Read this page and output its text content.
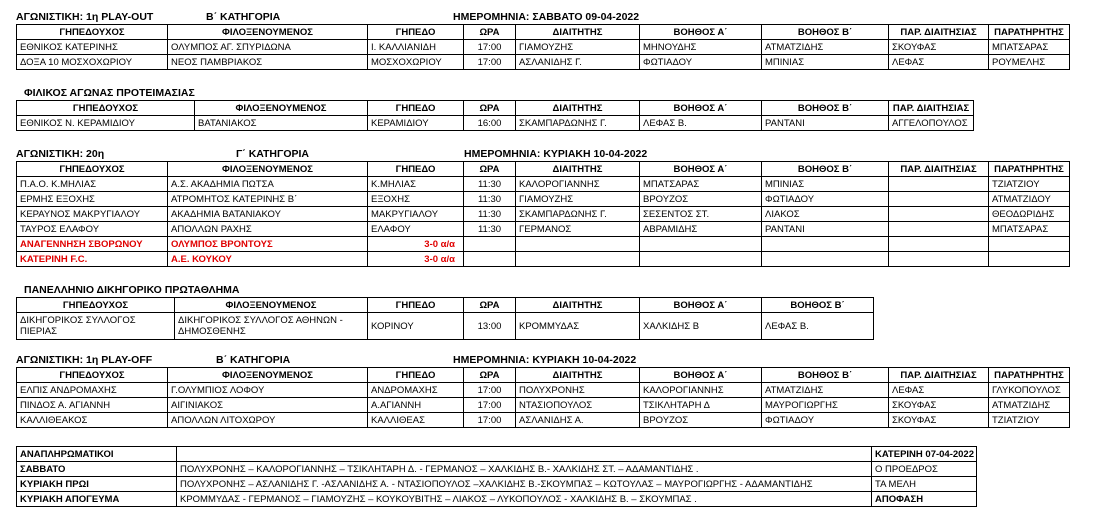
ΑΓΩΝΙΣΤΙΚΗ: 1η PLAY-OUT	Β΄ ΚΑΤΗΓΟΡΙΑ	ΗΜΕΡΟΜΗΝΙΑ: ΣΑΒΒΑΤΟ 09-04-2022
ΓΗΠΕΔΟΥΧΟΣ	ΦΙΛΟΞΕΝΟΥΜΕΝΟΣ	ΓΗΠΕΔΟ	ΩΡΑ	ΔΙΑΙΤΗΤΗΣ	ΒΟΗΘΟΣ Α΄	ΒΟΗΘΟΣ Β΄	ΠΑΡ. ΔΙΑΙΤΗΣΙΑΣ	ΠΑΡΑΤΗΡΗΤΗΣ
ΕΘΝΙΚΟΣ ΚΑΤΕΡΙΝΗΣ	ΟΛΥΜΠΟΣ ΑΓ. ΣΠΥΡΙΔΩΝΑ	Ι. ΚΑΛΛΙΑΝΙΔΗ	17:00	ΓΙΑΜΟΥΖΗΣ	ΜΗΝΟΥΔΗΣ	ΑΤΜΑΤΖΙΔΗΣ	ΣΚΟΥΦΑΣ	ΜΠΑΤΣΑΡΑΣ
ΔΟΞΑ 10 ΜΟΣΧΟΧΩΡΙΟΥ	ΝΕΟΣ ΠΑΜΒΡΙΑΚΟΣ	ΜΟΣΧΟΧΩΡΙΟΥ	17:00	ΑΣΛΑΝΙΔΗΣ Γ.	ΦΩΤΙΑΔΟΥ	ΜΠΙΝΙΑΣ	ΛΕΦΑΣ	ΡΟΥΜΕΛΗΣ
ΦΙΛΙΚΟΣ ΑΓΩΝΑΣ ΠΡΟΤΕΙΜΑΣΙΑΣ
ΓΗΠΕΔΟΥΧΟΣ	ΦΙΛΟΞΕΝΟΥΜΕΝΟΣ	ΓΗΠΕΔΟ	ΩΡΑ	ΔΙΑΙΤΗΤΗΣ	ΒΟΗΘΟΣ Α΄	ΒΟΗΘΟΣ Β΄	ΠΑΡ. ΔΙΑΙΤΗΣΙΑΣ
ΕΘΝΙΚΟΣ Ν. ΚΕΡΑΜΙΔΙΟΥ	ΒΑΤΑΝΙΑΚΟΣ	ΚΕΡΑΜΙΔΙΟΥ	16:00	ΣΚΑΜΠΑΡΔΩΝΗΣ Γ.	ΛΕΦΑΣ Β.	ΡΑΝΤΑΝΙ	ΑΓΓΕΛΟΠΟΥΛΟΣ
ΑΓΩΝΙΣΤΙΚΗ: 20η	Γ΄ ΚΑΤΗΓΟΡΙΑ	ΗΜΕΡΟΜΗΝΙΑ: ΚΥΡΙΑΚΗ 10-04-2022
ΓΗΠΕΔΟΥΧΟΣ	ΦΙΛΟΞΕΝΟΥΜΕΝΟΣ	ΓΗΠΕΔΟ	ΩΡΑ	ΔΙΑΙΤΗΤΗΣ	ΒΟΗΘΟΣ Α΄	ΒΟΗΘΟΣ Β΄	ΠΑΡ. ΔΙΑΙΤΗΣΙΑΣ	ΠΑΡΑΤΗΡΗΤΗΣ
Π.Α.Ο. Κ.ΜΗΛΙΑΣ	Α.Σ. ΑΚΑΔΗΜΙΑ ΠΩΤΣΑ	Κ.ΜΗΛΙΑΣ	11:30	ΚΑΛΟΡΟΓΙΑΝΝΗΣ	ΜΠΑΤΣΑΡΑΣ	ΜΠΙΝΙΑΣ		ΤΖΙΑΤΖΙΟΥ
ΕΡΜΗΣ ΕΞΟΧΗΣ	ΑΤΡΟΜΗΤΟΣ ΚΑΤΕΡΙΝΗΣ Β΄	ΕΞΟΧΗΣ	11:30	ΓΙΑΜΟΥΖΗΣ	ΒΡΟΥΖΟΣ	ΦΩΤΙΑΔΟΥ		ΑΤΜΑΤΖΙΔΟΥ
ΚΕΡΑΥΝΟΣ ΜΑΚΡΥΓΙΑΛΟΥ	ΑΚΑΔΗΜΙΑ ΒΑΤΑΝΙΑΚΟΥ	ΜΑΚΡΥΓΙΑΛΟΥ	11:30	ΣΚΑΜΠΑΡΔΩΝΗΣ Γ.	ΣΕΣΕΝΤΟΣ ΣΤ.	ΛΙΑΚΟΣ		ΘΕΟΔΩΡΙΔΗΣ
ΤΑΥΡΟΣ ΕΛΑΦΟΥ	ΑΠΟΛΛΩΝ ΡΑΧΗΣ	ΕΛΑΦΟΥ	11:30	ΓΕΡΜΑΝΟΣ	ΑΒΡΑΜΙΔΗΣ	ΡΑΝΤΑΝΙ		ΜΠΑΤΣΑΡΑΣ
ΑΝΑΓΕΝΝΗΣΗ ΣΒΟΡΩΝΟΥ	ΟΛΥΜΠΟΣ ΒΡΟΝΤΟΥΣ	3-0 α/α						
ΚΑΤΕΡΙΝΗ F.C.	Α.Ε. ΚΟΥΚΟΥ	3-0 α/α						
ΠΑΝΕΛΛΗΝΙΟ ΔΙΚΗΓΟΡΙΚΟ ΠΡΩΤΑΘΛΗΜΑ
ΓΗΠΕΔΟΥΧΟΣ	ΦΙΛΟΞΕΝΟΥΜΕΝΟΣ	ΓΗΠΕΔΟ	ΩΡΑ	ΔΙΑΙΤΗΤΗΣ	ΒΟΗΘΟΣ Α΄	ΒΟΗΘΟΣ Β΄
ΔΙΚΗΓΟΡΙΚΟΣ ΣΥΛΛΟΓΟΣ ΠΙΕΡΙΑΣ	ΔΙΚΗΓΟΡΙΚΟΣ ΣΥΛΛΟΓΟΣ ΑΘΗΝΩΝ - ΔΗΜΟΣΘΕΝΗΣ	ΚΟΡΙΝΟΥ	13:00	ΚΡΟΜΜΥΔΑΣ	ΧΑΛΚΙΔΗΣ Β	ΛΕΦΑΣ Β.
ΑΓΩΝΙΣΤΙΚΗ: 1η PLAY-OFF	Β΄ ΚΑΤΗΓΟΡΙΑ	ΗΜΕΡΟΜΗΝΙΑ: ΚΥΡΙΑΚΗ 10-04-2022
ΓΗΠΕΔΟΥΧΟΣ	ΦΙΛΟΞΕΝΟΥΜΕΝΟΣ	ΓΗΠΕΔΟ	ΩΡΑ	ΔΙΑΙΤΗΤΗΣ	ΒΟΗΘΟΣ Α΄	ΒΟΗΘΟΣ Β΄	ΠΑΡ. ΔΙΑΙΤΗΣΙΑΣ	ΠΑΡΑΤΗΡΗΤΗΣ
ΕΛΠΙΣ ΑΝΔΡΟΜΑΧΗΣ	Γ.ΟΛΥΜΠΙΟΣ ΛΟΦΟΥ	ΑΝΔΡΟΜΑΧΗΣ	17:00	ΠΟΛΥΧΡΟΝΗΣ	ΚΑΛΟΡΟΓΙΑΝΝΗΣ	ΑΤΜΑΤΖΙΔΗΣ	ΛΕΦΑΣ	ΓΛΥΚΟΠΟΥΛΟΣ
ΠΙΝΔΟΣ Α. ΑΓΙΑΝΝΗ	ΑΙΓΙΝΙΑΚΟΣ	Α.ΑΓΙΑΝΝΗ	17:00	ΝΤΑΣΙΟΠΟΥΛΟΣ	ΤΣΙΚΛΗΤΑΡΗ Δ	ΜΑΥΡΟΓΙΩΡΓΗΣ	ΣΚΟΥΦΑΣ	ΑΤΜΑΤΖΙΔΗΣ
ΚΑΛΛΙΘΕΑΚΟΣ	ΑΠΟΛΛΩΝ ΛΙΤΟΧΩΡΟΥ	ΚΑΛΛΙΘΕΑΣ	17:00	ΑΣΛΑΝΙΔΗΣ Α.	ΒΡΟΥΖΟΣ	ΦΩΤΙΑΔΟΥ	ΣΚΟΥΦΑΣ	ΤΖΙΑΤΖΙΟΥ
ΑΝΑΠΛΗΡΩΜΑΤΙΚΟΙ		ΚΑΤΕΡΙΝΗ 07-04-2022
ΣΑΒΒΑΤΟ	ΠΟΛΥΧΡΟΝΗΣ – ΚΑΛΟΡΟΓΙΑΝΝΗΣ – ΤΣΙΚΛΗΤΑΡΗ Δ. - ΓΕΡΜΑΝΟΣ – ΧΑΛΚΙΔΗΣ Β.- ΧΑΛΚΙΔΗΣ ΣΤ. – ΑΔΑΜΑΝΤΙΔΗΣ .	Ο ΠΡΟΕΔΡΟΣ
ΚΥΡΙΑΚΗ ΠΡΩΙ	ΠΟΛΥΧΡΟΝΗΣ – ΑΣΛΑΝΙΔΗΣ Γ. -ΑΣΛΑΝΙΔΗΣ Α. - ΝΤΑΣΙΟΠΟΥΛΟΣ –ΧΑΛΚΙΔΗΣ Β.-ΣΚΟΥΜΠΑΣ – ΚΩΤΟΥΛΑΣ – ΜΑΥΡΟΓΙΩΡΓΗΣ - ΑΔΑΜΑΝΤΙΔΗΣ	ΤΑ ΜΕΛΗ
ΚΥΡΙΑΚΗ ΑΠΟΓΕΥΜΑ	ΚΡΟΜΜΥΔΑΣ - ΓΕΡΜΑΝΟΣ – ΓΙΑΜΟΥΖΗΣ – ΚΟΥΚΟΥΒΙΤΗΣ – ΛΙΑΚΟΣ – ΛΥΚΟΠΟΥΛΟΣ - ΧΑΛΚΙΔΗΣ Β. – ΣΚΟΥΜΠΑΣ .	ΑΠΟΦΑΣΗ
